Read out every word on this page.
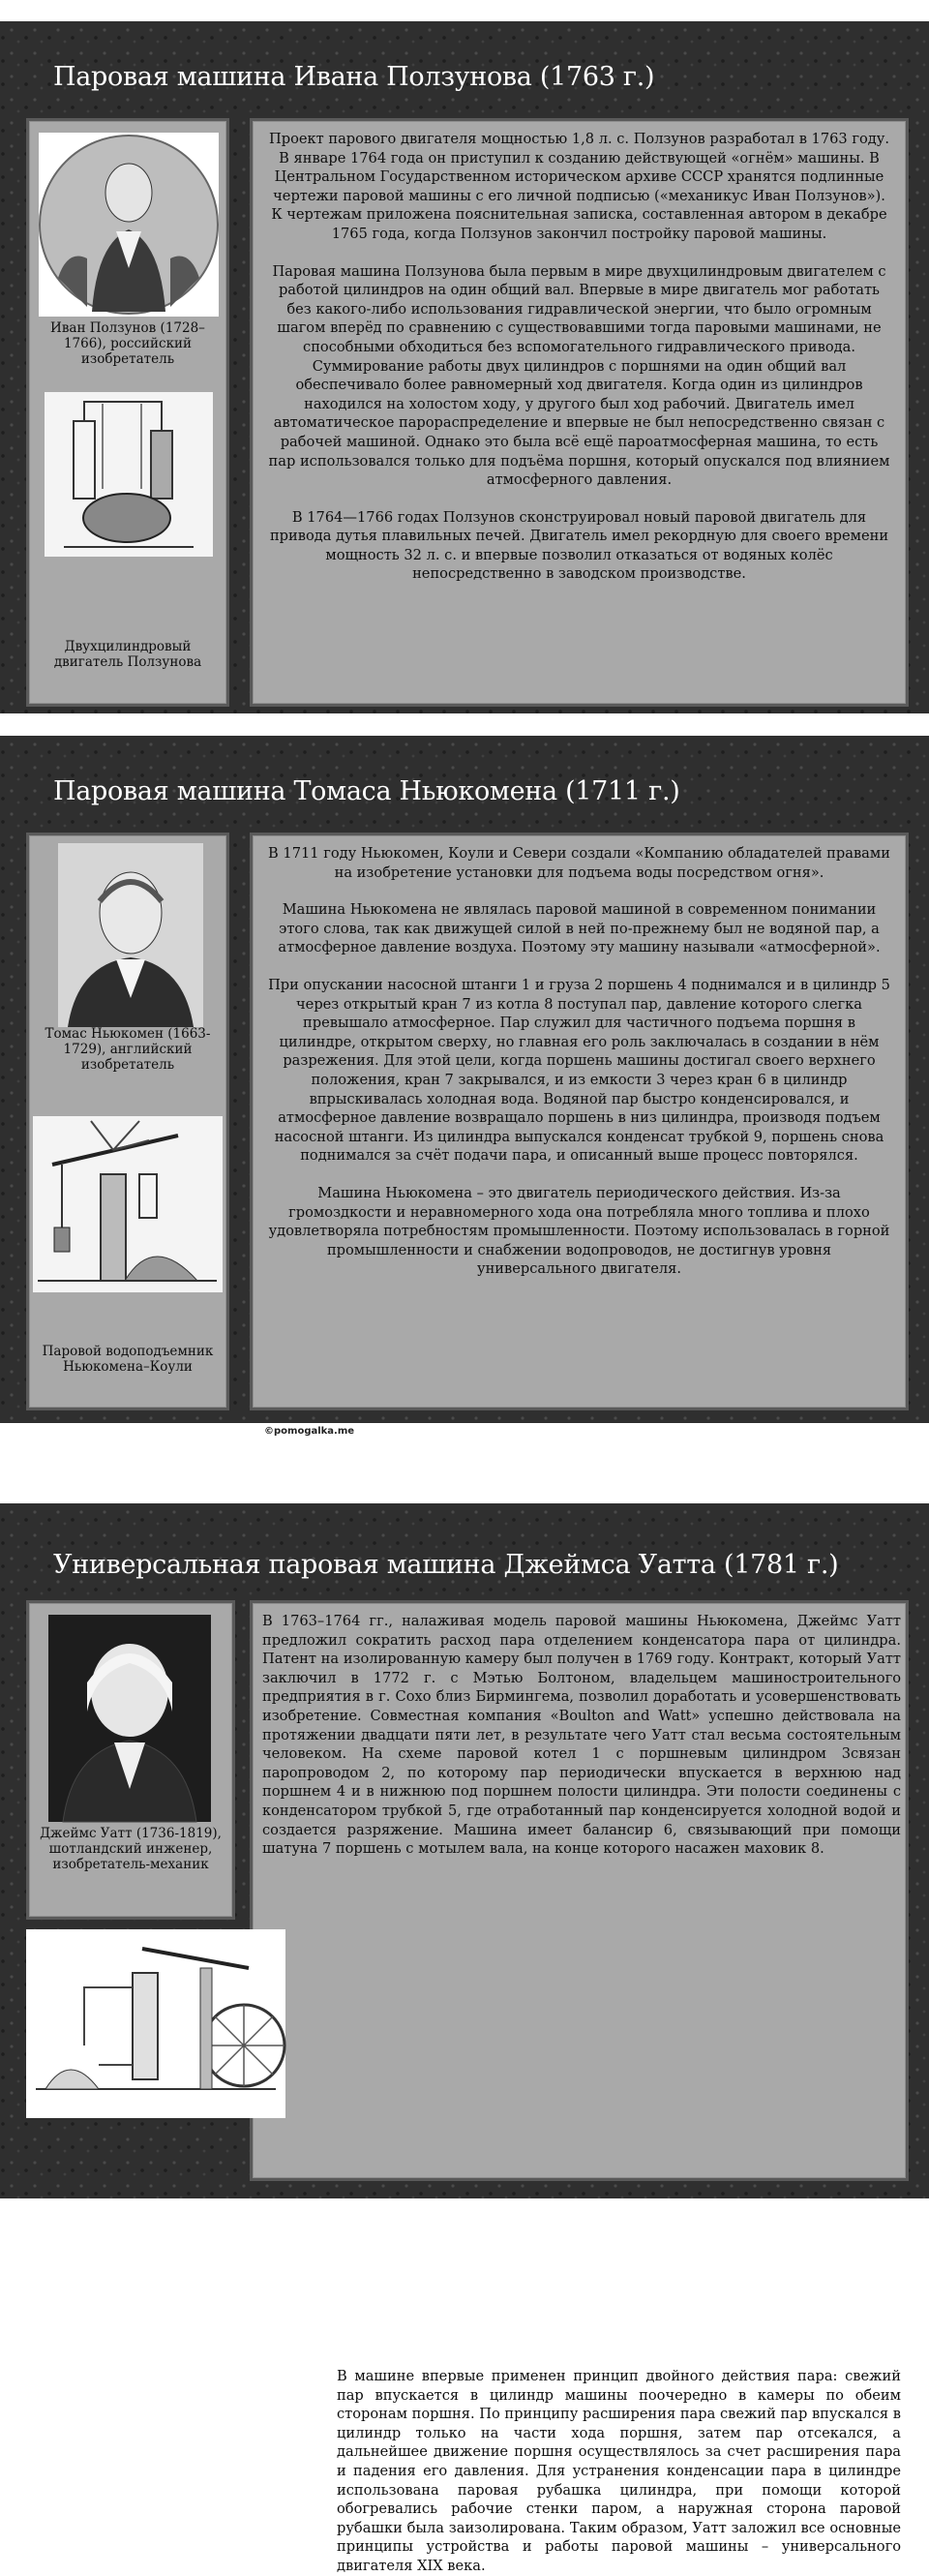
Паровая машина Ивана Ползунова (1763 г.)
Иван Ползунов (1728–1766), российский изобретатель
Двухцилиндровый двигатель Ползунова

Проект парового двигателя мощностью 1,8 л. с. Ползунов разработал в 1763 году. В январе 1764 года он приступил к созданию действующей «огнём» машины. В Центральном Государственном историческом архиве СССР хранятся подлинные чертежи паровой машины с его личной подписью («механикус Иван Ползунов»). К чертежам приложена пояснительная записка, составленная автором в декабре 1765 года, когда Ползунов закончил постройку паровой машины.

Паровая машина Ползунова была первым в мире двухцилиндровым двигателем с работой цилиндров на один общий вал. Впервые в мире двигатель мог работать без какого-либо использования гидравлической энергии, что было огромным шагом вперёд по сравнению с существовавшими тогда паровыми машинами, не способными обходиться без вспомогательного гидравлического привода. Суммирование работы двух цилиндров с поршнями на один общий вал обеспечивало более равномерный ход двигателя. Когда один из цилиндров находился на холостом ходу, у другого был ход рабочий. Двигатель имел автоматическое парораспределение и впервые не был непосредственно связан с рабочей машиной. Однако это была всё ещё пароатмосферная машина, то есть пар использовался только для подъёма поршня, который опускался под влиянием атмосферного давления.

В 1764—1766 годах Ползунов сконструировал новый паровой двигатель для привода дутья плавильных печей. Двигатель имел рекордную для своего времени мощность 32 л. с. и впервые позволил отказаться от водяных колёс непосредственно в заводском производстве.

Паровая машина Томаса Ньюкомена (1711 г.)
Томас Ньюкомен (1663-1729), английский изобретатель
Паровой водоподъемник Ньюкомена–Коули

В 1711 году Ньюкомен, Коули и Севери создали «Компанию обладателей правами на изобретение установки для подъема воды посредством огня».

Машина Ньюкомена не являлась паровой машиной в современном понимании этого слова, так как движущей силой в ней по-прежнему был не водяной пар, а атмосферное давление воздуха. Поэтому эту машину называли «атмосферной».

При опускании насосной штанги 1 и груза 2 поршень 4 поднимался и в цилиндр 5 через открытый кран 7 из котла 8 поступал пар, давление которого слегка превышало атмосферное. Пар служил для частичного подъема поршня в цилиндре, открытом сверху, но главная его роль заключалась в создании в нём разрежения. Для этой цели, когда поршень машины достигал своего верхнего положения, кран 7 закрывался, и из емкости 3 через кран 6 в цилиндр впрыскивалась холодная вода. Водяной пар быстро конденсировался, и атмосферное давление возвращало поршень в низ цилиндра, производя подъем насосной штанги. Из цилиндра выпускался конденсат трубкой 9, поршень снова поднимался за счёт подачи пара, и описанный выше процесс повторялся.

Машина Ньюкомена – это двигатель периодического действия. Из-за громоздкости и неравномерного хода она потребляла много топлива и плохо удовлетворяла потребностям промышленности. Поэтому использовалась в горной промышленности и снабжении водопроводов, не достигнув уровня универсального двигателя.

©pomogalka.me
Универсальная паровая машина Джеймса Уатта (1781 г.)
Джеймс Уатт (1736-1819), шотландский инженер, изобретатель-механик
В 1763–1764 гг., налаживая модель паровой машины Ньюкомена, Джеймс Уатт предложил сократить расход пара отделением конденсатора пара от цилиндра. Патент на изолированную камеру был получен в 1769 году. Контракт, который Уатт заключил в 1772 г. с Мэтью Болтоном, владельцем машиностроительного предприятия в г. Сохо близ Бирмингема, позволил доработать и усовершенствовать изобретение. Совместная компания «Boulton and Watt» успешно действовала на протяжении двадцати пяти лет, в результате чего Уатт стал весьма состоятельным человеком. На схеме паровой котел 1 с поршневым цилиндром 3связан паропроводом 2, по которому пар периодически впускается в верхнюю над поршнем 4 и в нижнюю под поршнем полости цилиндра. Эти полости соединены с конденсатором трубкой 5, где отработанный пар конденсируется холодной водой и создается разряжение. Машина имеет балансир 6, связывающий при помощи шатуна 7 поршень с мотылем вала, на конце которого насажен маховик 8.
В машине впервые применен принцип двойного действия пара: свежий пар впускается в цилиндр машины поочередно в камеры по обеим сторонам поршня. По принципу расширения пара свежий пар впускался в цилиндр только на части хода поршня, затем пар отсекался, а дальнейшее движение поршня осуществлялось за счет расширения пара и падения его давления. Для устранения конденсации пара в цилиндре использована паровая рубашка цилиндра, при помощи которой обогревались рабочие стенки паром, а наружная сторона паровой рубашки была заизолирована. Таким образом, Уатт заложил все основные принципы устройства и работы паровой машины – универсального двигателя XIX века.
